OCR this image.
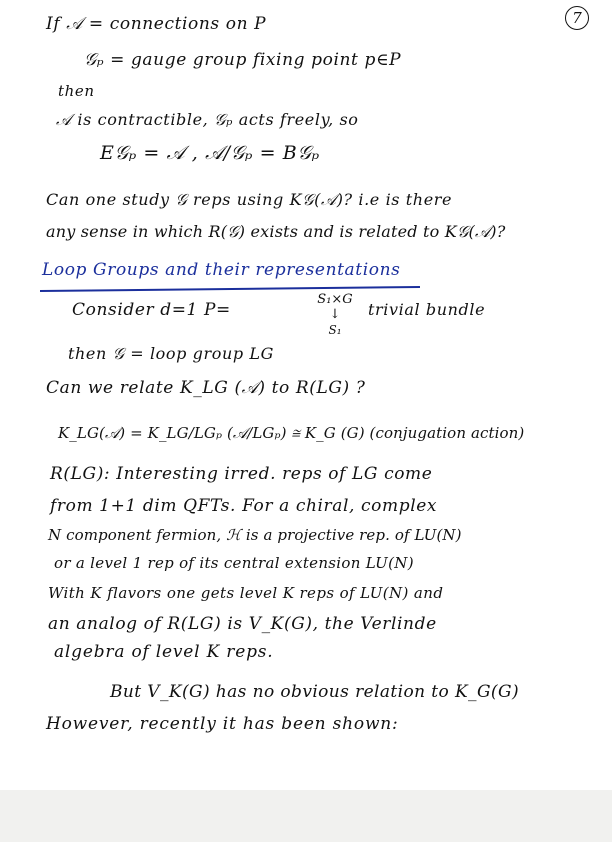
7
If 𝒜 = connections on P
𝒢ₚ = gauge group fixing point p∈P
then
𝒜 is contractible, 𝒢ₚ acts freely, so
E𝒢ₚ = 𝒜 , 𝒜/𝒢ₚ = B𝒢ₚ
Can one study 𝒢 reps using K𝒢(𝒜)? i.e is there
any sense in which R(𝒢) exists and is related to K𝒢(𝒜)?
Loop Groups and their representations
Consider d=1 P=
S₁×G
↓
S₁
trivial bundle
then 𝒢 = loop group LG
Can we relate K_LG (𝒜) to R(LG) ?
K_LG(𝒜) = K_LG/LGₚ (𝒜/LGₚ) ≅ K_G (G) (conjugation action)
R(LG): Interesting irred. reps of LG come
from 1+1 dim QFTs. For a chiral, complex
N component fermion, ℋ is a projective rep. of LU(N)
or a level 1 rep of its central extension LU(N)
With K flavors one gets level K reps of LU(N) and
an analog of R(LG) is V_K(G), the Verlinde
algebra of level K reps.
But V_K(G) has no obvious relation to K_G(G)
However, recently it has been shown:
